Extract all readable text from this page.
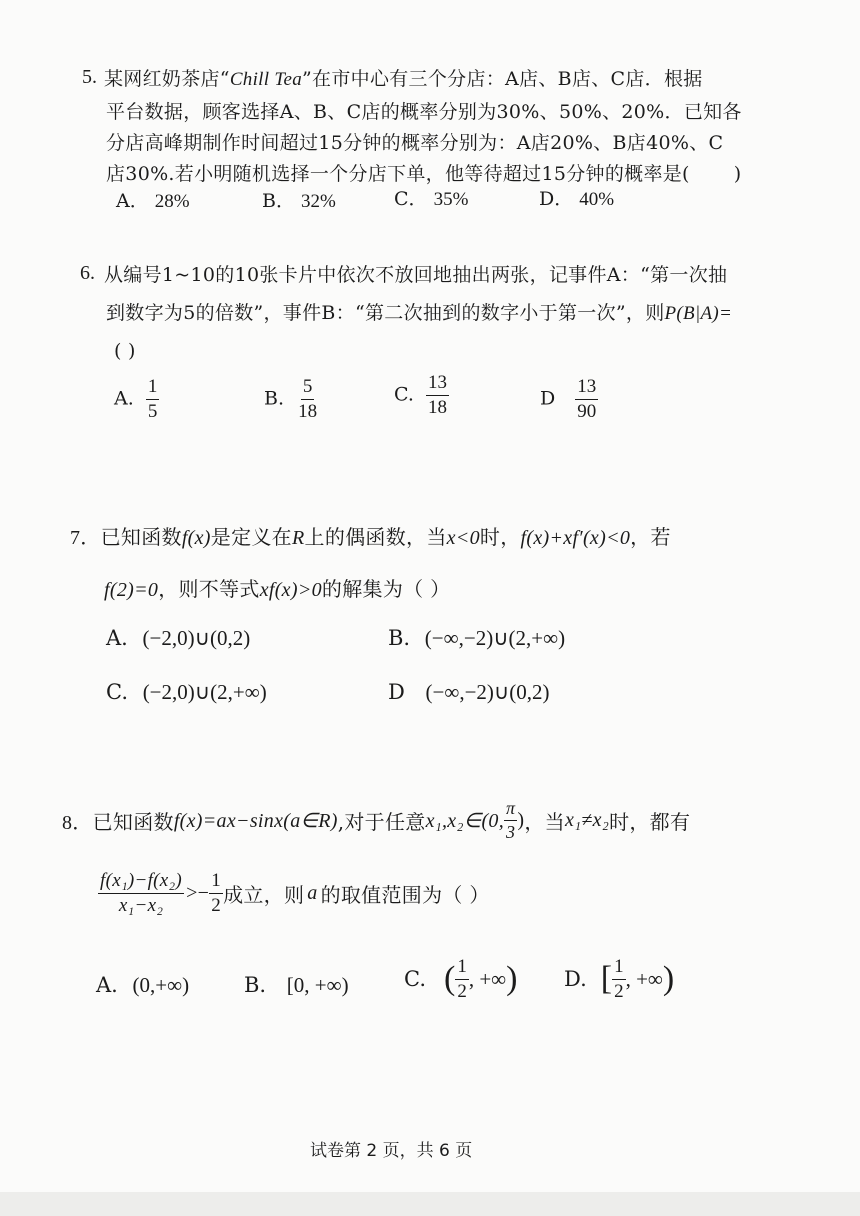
5. 某网红奶茶店“Chill Tea”在市中心有三个分店：A店、B店、C店．根据
平台数据，顾客选择A、B、C店的概率分别为30%、50%、20%．已知各
分店高峰期制作时间超过15分钟的概率分别为：A店20%、B店40%、C
店30%.若小明随机选择一个分店下单，他等待超过15分钟的概率是( )
A． 28%	B． 32%	C． 35%	D． 40%
6. 从编号1~10的10张卡片中依次不放回地抽出两张，记事件A：“第一次抽
到数字为5的倍数”，事件B：“第二次抽到的数字小于第一次”，则P(B|A)=
( )
A. $\frac{1}{5}$	B. $\frac{5}{18}$	C. $\frac{13}{18}$	D $\frac{13}{90}$
7．已知函数f(x)是定义在R上的偶函数，当x<0时，f(x)+xf′(x)<0，若
f(2)=0，则不等式xf(x)>0的解集为（ ）
A. (−2,0)∪(0,2)	B. (−∞,−2)∪(2,+∞)
C. (−2,0)∪(2,+∞)	D (−∞,−2)∪(0,2)
8． 已知函数 f(x)=ax−sinx(a∈R) ,对于任意 x₁,x₂∈(0, $\frac{\pi}{3}$ ) ，当 x₁≠x₂ 时，都有
$\frac{\text{f(x₁)−f(x₂)}}{\text{x₁−x₂}} >- \frac{1}{2}$ 成立，则 a 的取值范围为（ ）
A. (0,+∞)	B. [0, +∞)	C. ( $\frac{1}{2}$ , +∞ ) D. [ $\frac{1}{2}$ , +∞ )
试卷第 2 页，共 6 页
